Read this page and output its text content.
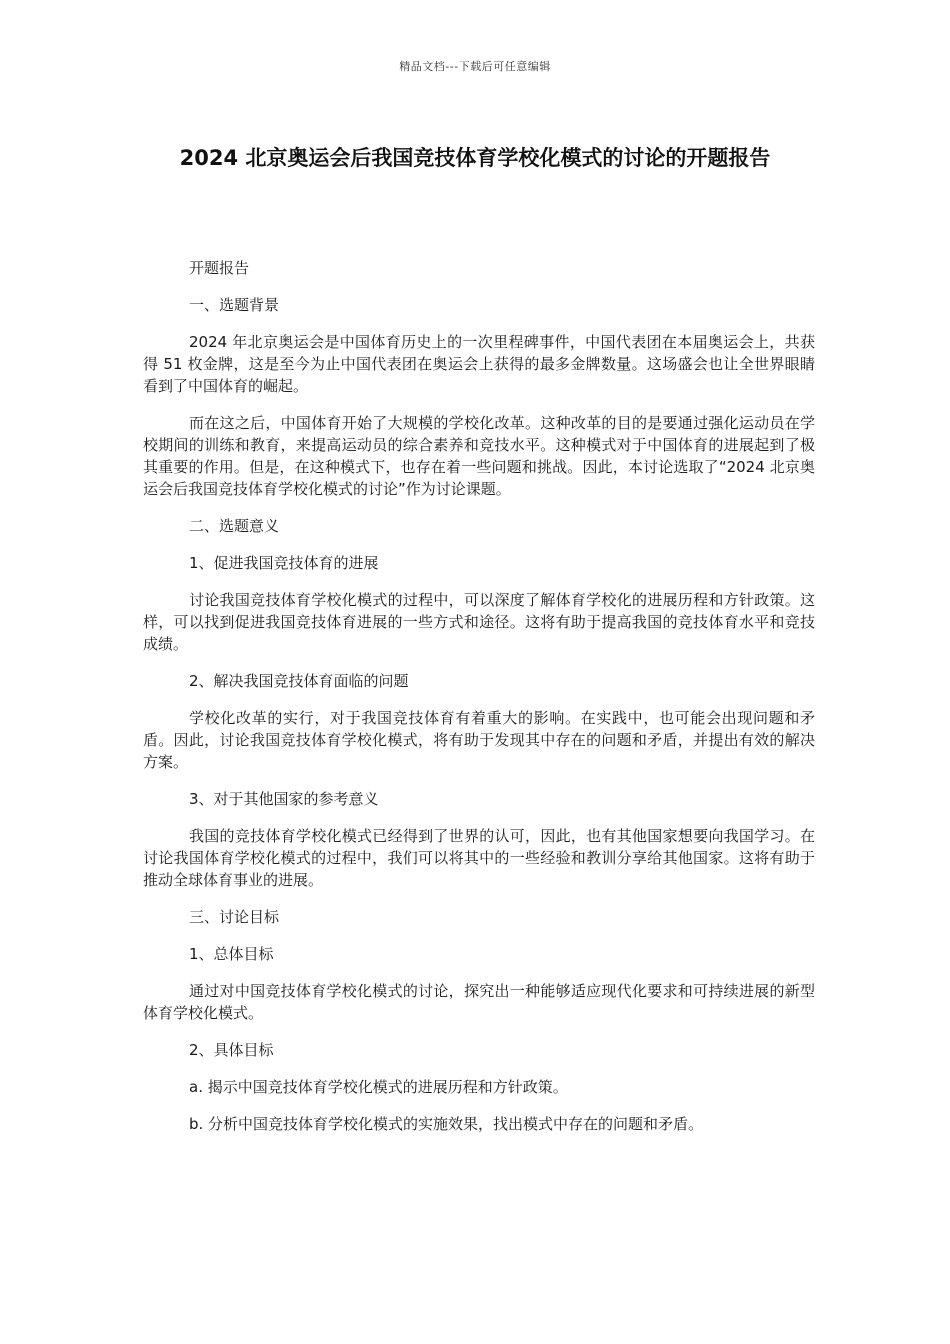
精品文档---下载后可任意编辑
2024 北京奥运会后我国竞技体育学校化模式的讨论的开题报告

开题报告

一、选题背景

2024 年北京奥运会是中国体育历史上的一次里程碑事件，中国代表团在本届奥运会上，共获得 51 枚金牌，这是至今为止中国代表团在奥运会上获得的最多金牌数量。这场盛会也让全世界眼睛看到了中国体育的崛起。

而在这之后，中国体育开始了大规模的学校化改革。这种改革的目的是要通过强化运动员在学校期间的训练和教育，来提高运动员的综合素养和竞技水平。这种模式对于中国体育的进展起到了极其重要的作用。但是，在这种模式下，也存在着一些问题和挑战。因此，本讨论选取了“2024 北京奥运会后我国竞技体育学校化模式的讨论”作为讨论课题。

二、选题意义

1、促进我国竞技体育的进展

讨论我国竞技体育学校化模式的过程中，可以深度了解体育学校化的进展历程和方针政策。这样，可以找到促进我国竞技体育进展的一些方式和途径。这将有助于提高我国的竞技体育水平和竞技成绩。

2、解决我国竞技体育面临的问题

学校化改革的实行，对于我国竞技体育有着重大的影响。在实践中，也可能会出现问题和矛盾。因此，讨论我国竞技体育学校化模式，将有助于发现其中存在的问题和矛盾，并提出有效的解决方案。

3、对于其他国家的参考意义

我国的竞技体育学校化模式已经得到了世界的认可，因此，也有其他国家想要向我国学习。在讨论我国体育学校化模式的过程中，我们可以将其中的一些经验和教训分享给其他国家。这将有助于推动全球体育事业的进展。

三、讨论目标

1、总体目标

通过对中国竞技体育学校化模式的讨论，探究出一种能够适应现代化要求和可持续进展的新型体育学校化模式。

2、具体目标

a. 揭示中国竞技体育学校化模式的进展历程和方针政策。

b. 分析中国竞技体育学校化模式的实施效果，找出模式中存在的问题和矛盾。
